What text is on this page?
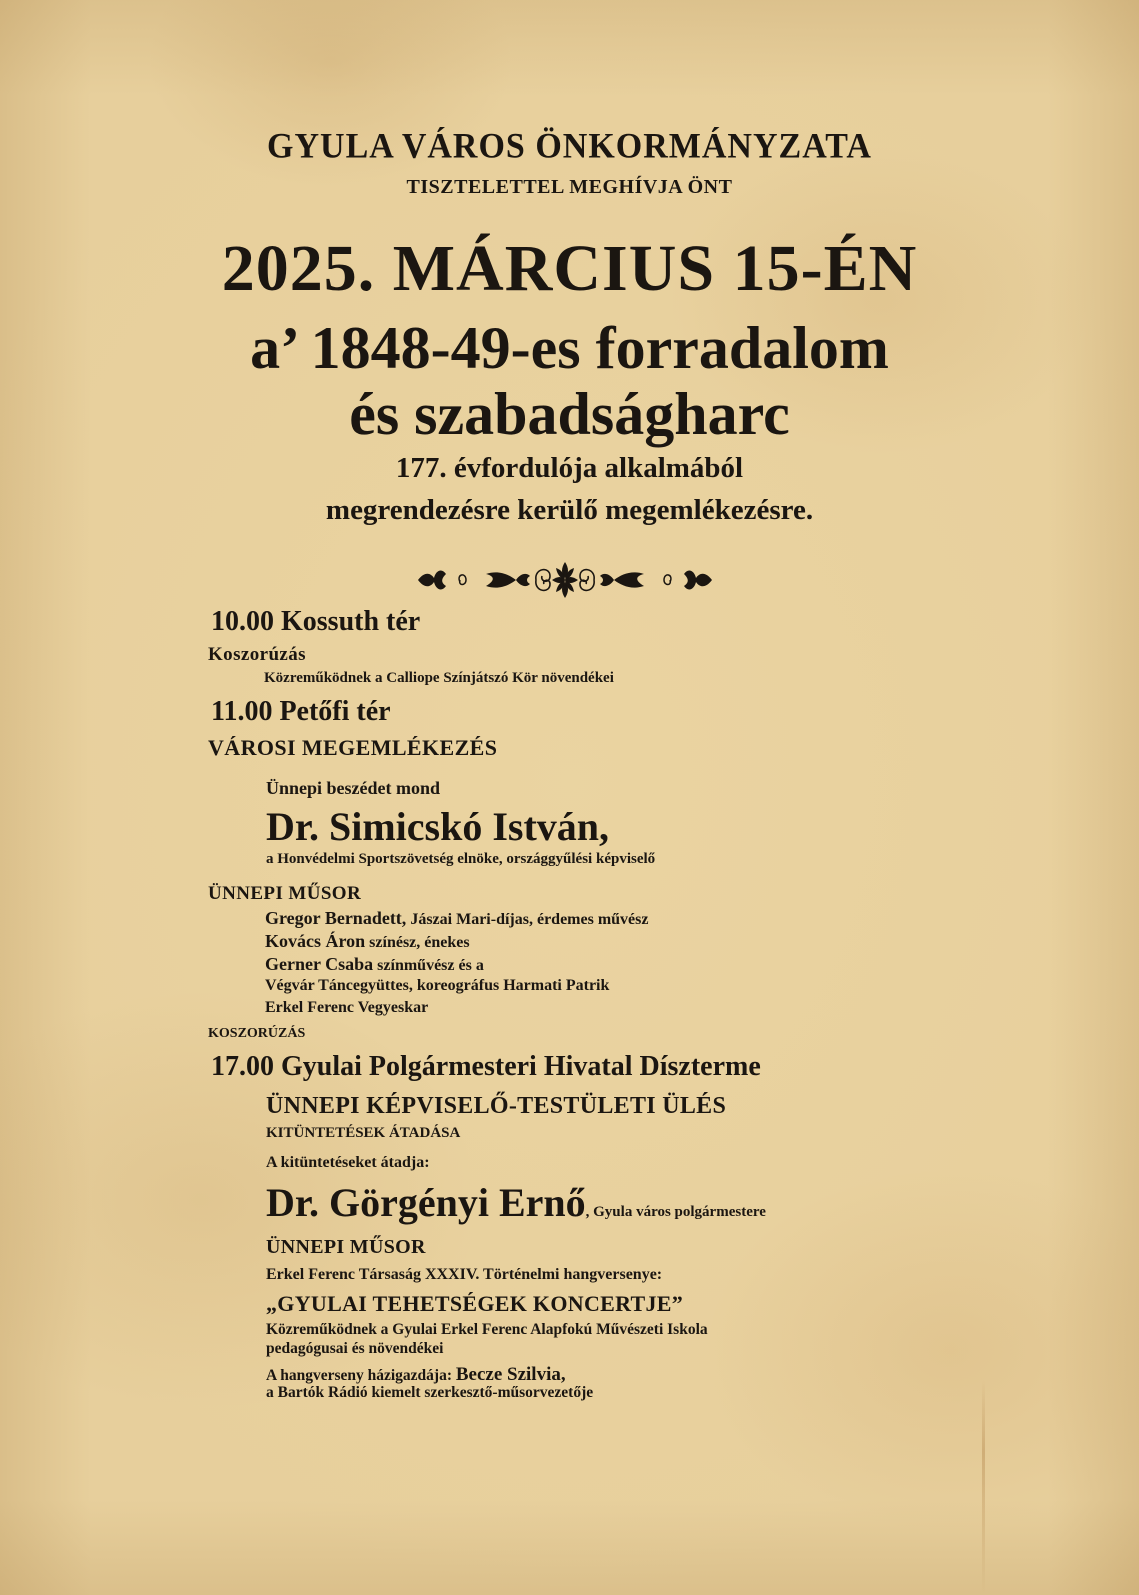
GYULA VÁROS ÖNKORMÁNYZATA
TISZTELETTEL MEGHÍVJA ÖNT
2025. MÁRCIUS 15-ÉN
a’ 1848-49-es forradalom
és szabadságharc
177. évfordulója alkalmából
megrendezésre kerülő megemlékezésre.
10.00 Kossuth tér
Koszorúzás
Közreműködnek a Calliope Színjátszó Kör növendékei
11.00 Petőfi tér
VÁROSI MEGEMLÉKEZÉS
Ünnepi beszédet mond
Dr. Simicskó István,
a Honvédelmi Sportszövetség elnöke, országgyűlési képviselő
ÜNNEPI MŰSOR
Gregor Bernadett, Jászai Mari-díjas, érdemes művész
Kovács Áron színész, énekes
Gerner Csaba színművész és a
Végvár Táncegyüttes, koreográfus Harmati Patrik
Erkel Ferenc Vegyeskar
KOSZORÚZÁS
17.00 Gyulai Polgármesteri Hivatal Díszterme
ÜNNEPI KÉPVISELŐ-TESTÜLETI ÜLÉS
KITÜNTETÉSEK ÁTADÁSA
A kitüntetéseket átadja:
Dr. Görgényi Ernő, Gyula város polgármestere
ÜNNEPI MŰSOR
Erkel Ferenc Társaság XXXIV. Történelmi hangversenye:
„GYULAI TEHETSÉGEK KONCERTJE”
Közreműködnek a Gyulai Erkel Ferenc Alapfokú Művészeti Iskola
pedagógusai és növendékei
A hangverseny házigazdája: Becze Szilvia,
a Bartók Rádió kiemelt szerkesztő-műsorvezetője
